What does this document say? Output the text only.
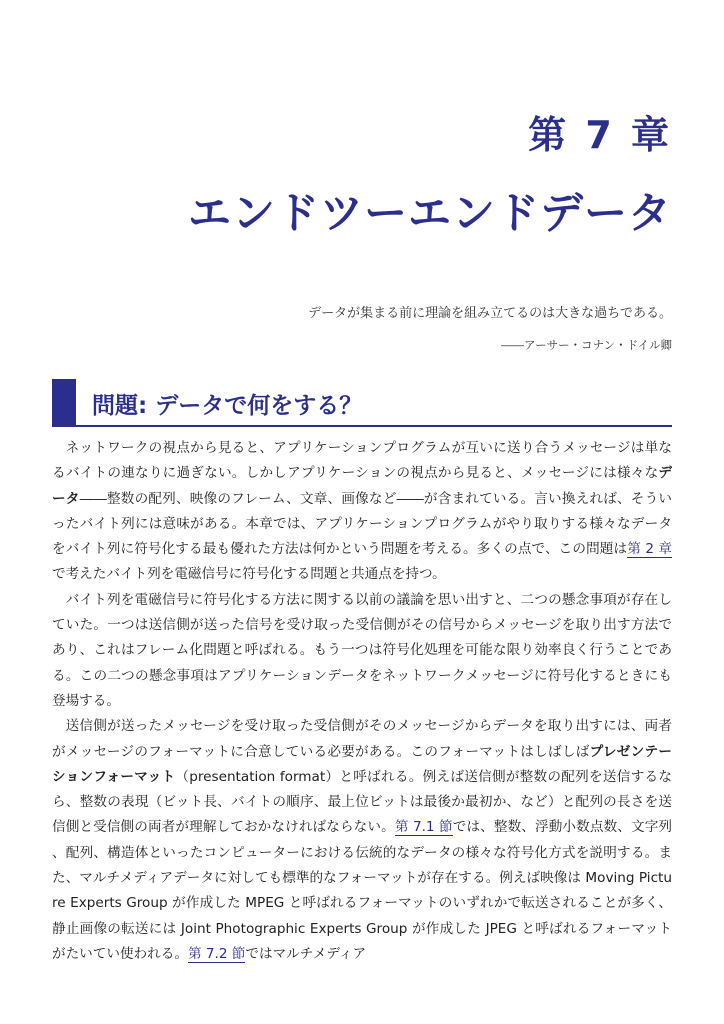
第 7 章
エンドツーエンドデータ

データが集まる前に理論を組み立てるのは大きな過ちである。

――アーサー・コナン・ドイル卿

問題: データで何をする？

ネットワークの視点から見ると、アプリケーションプログラムが互いに送り合うメッセージは単なるバイトの連なりに過ぎない。しかしアプリケーションの視点から見ると、メッセージには様々なデータ――整数の配列、映像のフレーム、文章、画像など――が含まれている。言い換えれば、そういったバイト列には意味がある。本章では、アプリケーションプログラムがやり取りする様々なデータをバイト列に符号化する最も優れた方法は何かという問題を考える。多くの点で、この問題は第 2 章で考えたバイト列を電磁信号に符号化する問題と共通点を持つ。

バイト列を電磁信号に符号化する方法に関する以前の議論を思い出すと、二つの懸念事項が存在していた。一つは送信側が送った信号を受け取った受信側がその信号からメッセージを取り出す方法であり、これはフレーム化問題と呼ばれる。もう一つは符号化処理を可能な限り効率良く行うことである。この二つの懸念事項はアプリケーションデータをネットワークメッセージに符号化するときにも登場する。

送信側が送ったメッセージを受け取った受信側がそのメッセージからデータを取り出すには、両者がメッセージのフォーマットに合意している必要がある。このフォーマットはしばしばプレゼンテーションフォーマット（presentation format）と呼ばれる。例えば送信側が整数の配列を送信するなら、整数の表現（ビット長、バイトの順序、最上位ビットは最後か最初か、など）と配列の長さを送信側と受信側の両者が理解しておかなければならない。第 7.1 節では、整数、浮動小数点数、文字列、配列、構造体といったコンピューターにおける伝統的なデータの様々な符号化方式を説明する。また、マルチメディアデータに対しても標準的なフォーマットが存在する。例えば映像は Moving Picture Experts Group が作成した MPEG と呼ばれるフォーマットのいずれかで転送されることが多く、静止画像の転送には Joint Photographic Experts Group が作成した JPEG と呼ばれるフォーマットがたいてい使われる。第 7.2 節ではマルチメディア
